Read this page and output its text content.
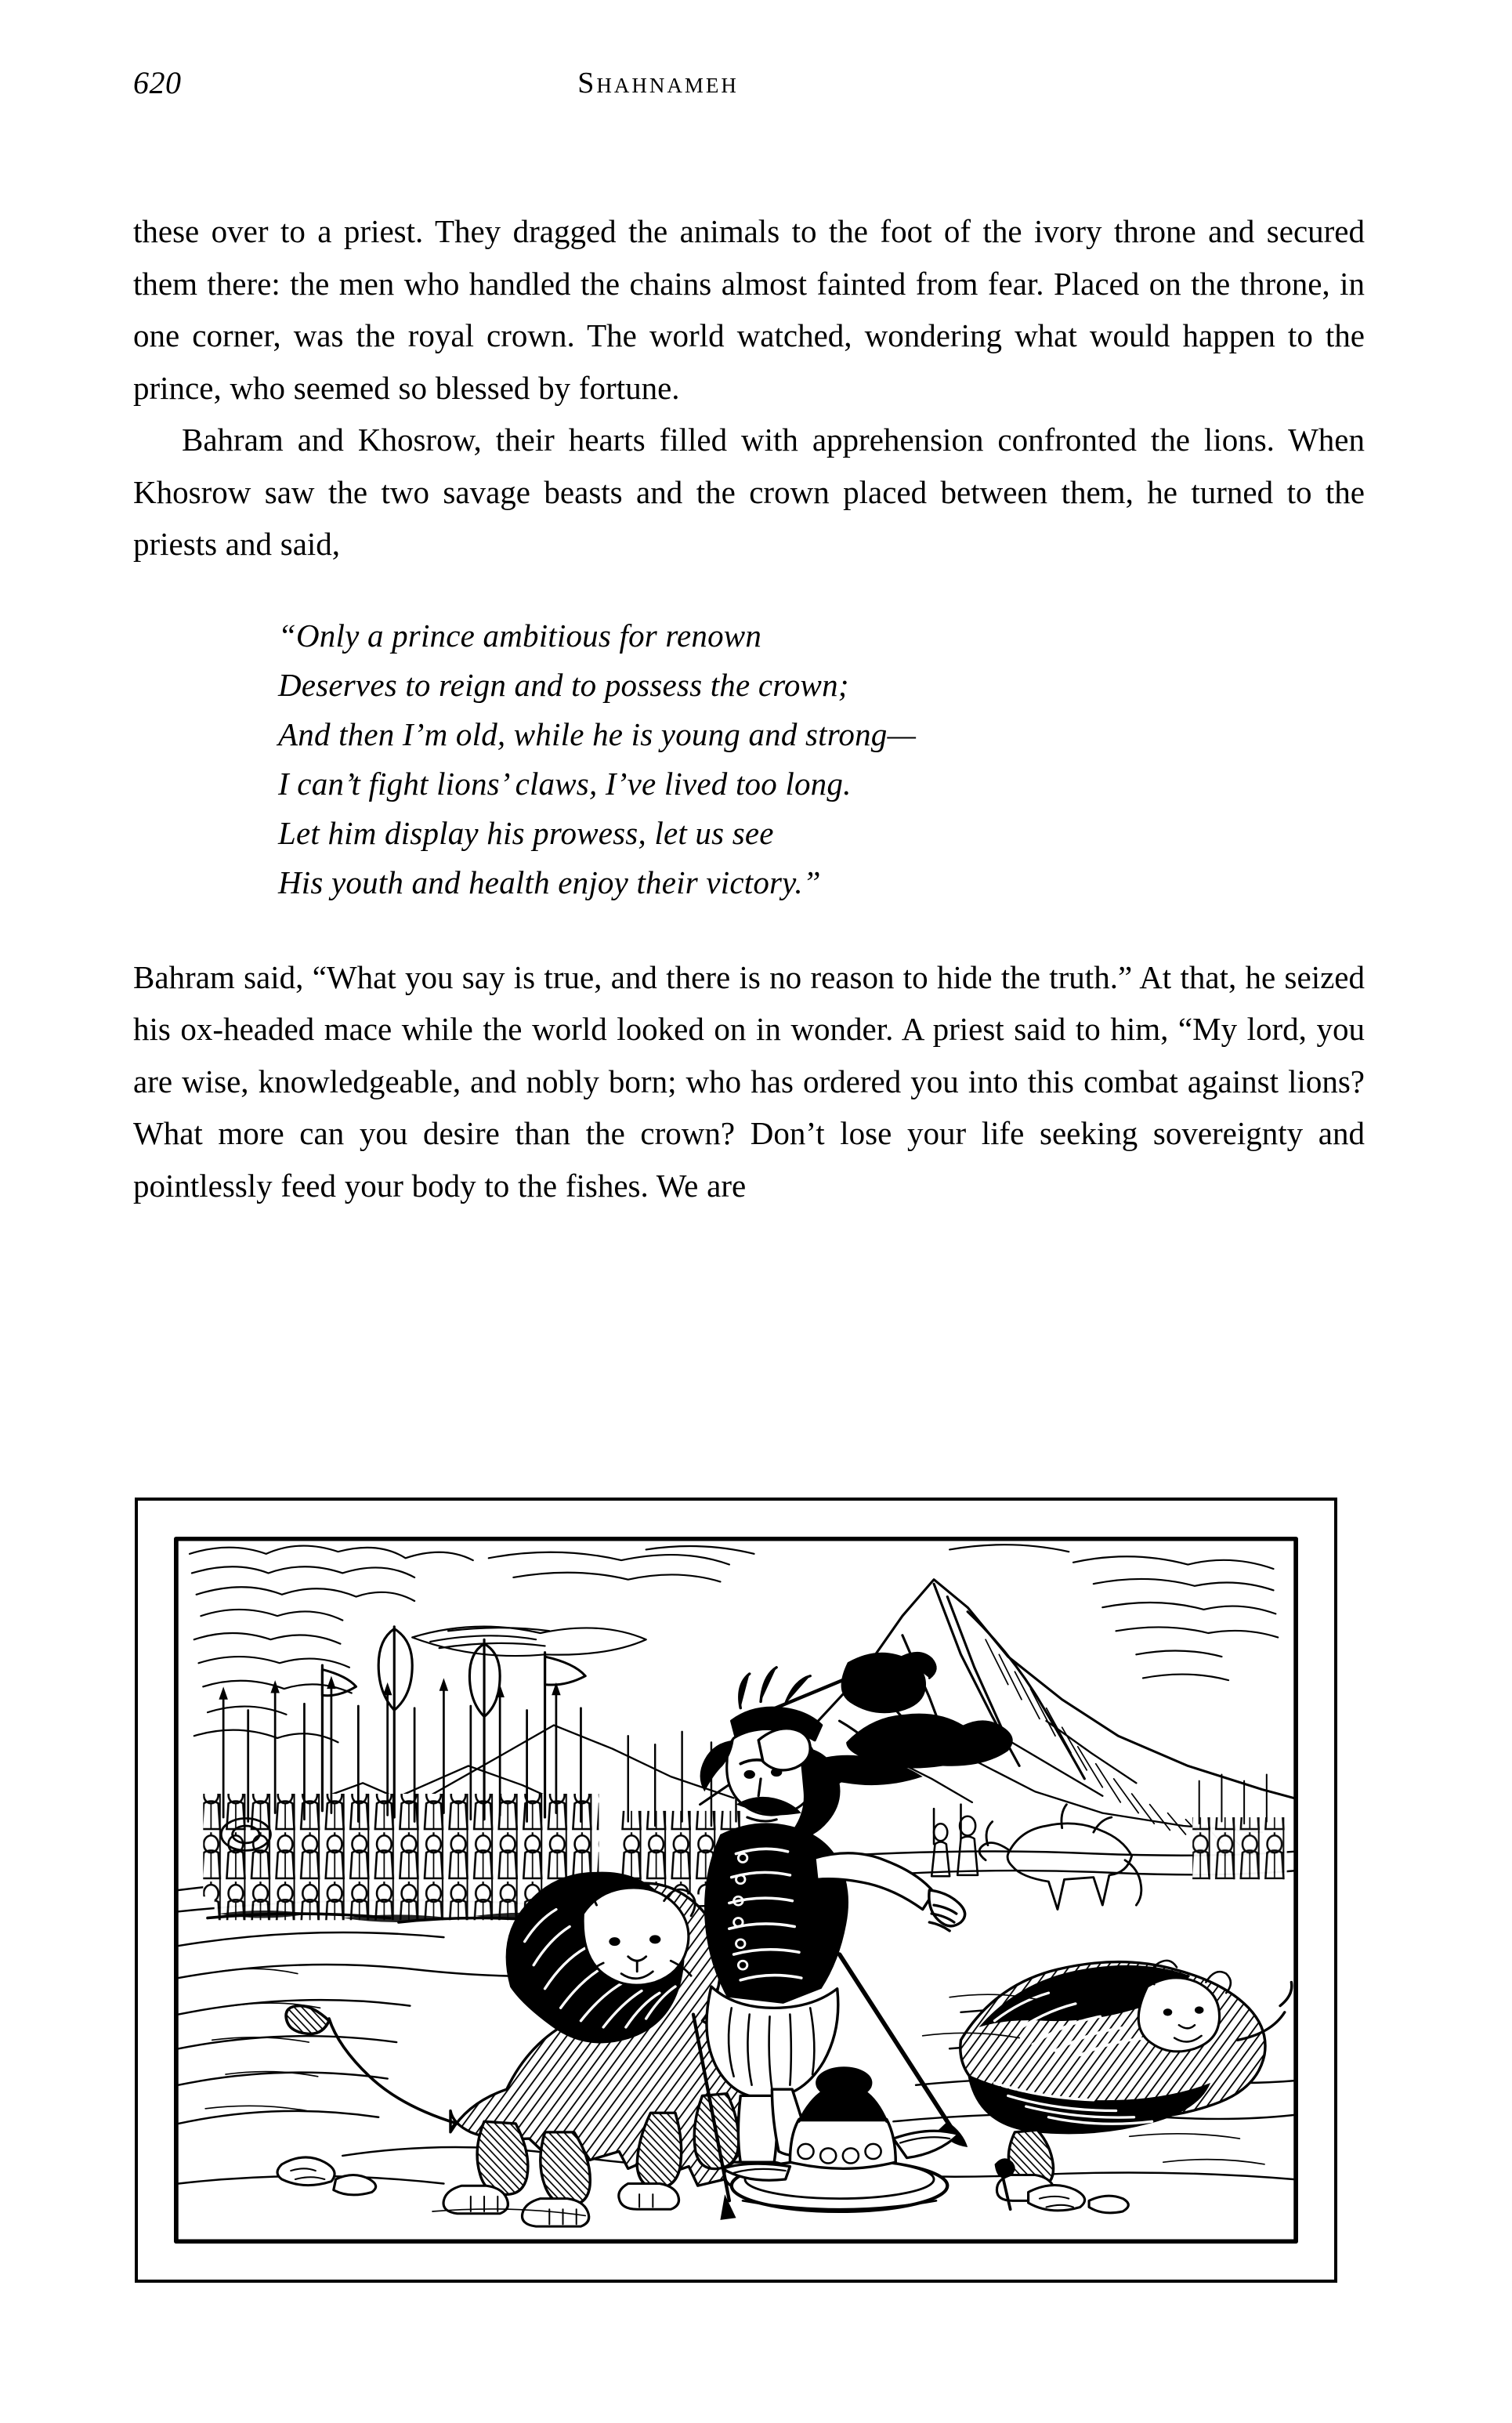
620	Shahnameh

these over to a priest. They dragged the animals to the foot of the ivory throne and secured them there: the men who handled the chains almost fainted from fear. Placed on the throne, in one corner, was the royal crown. The world watched, wondering what would happen to the prince, who seemed so blessed by fortune.

Bahram and Khosrow, their hearts filled with apprehension confronted the lions. When Khosrow saw the two savage beasts and the crown placed between them, he turned to the priests and said,

“Only a prince ambitious for renown
Deserves to reign and to possess the crown;
And then I’m old, while he is young and strong—
I can’t fight lions’ claws, I’ve lived too long.
Let him display his prowess, let us see
His youth and health enjoy their victory.”

Bahram said, “What you say is true, and there is no reason to hide the truth.” At that, he seized his ox-headed mace while the world looked on in wonder. A priest said to him, “My lord, you are wise, knowledgeable, and nobly born; who has ordered you into this combat against lions? What more can you desire than the crown? Don’t lose your life seeking sovereignty and pointlessly feed your body to the fishes. We are
